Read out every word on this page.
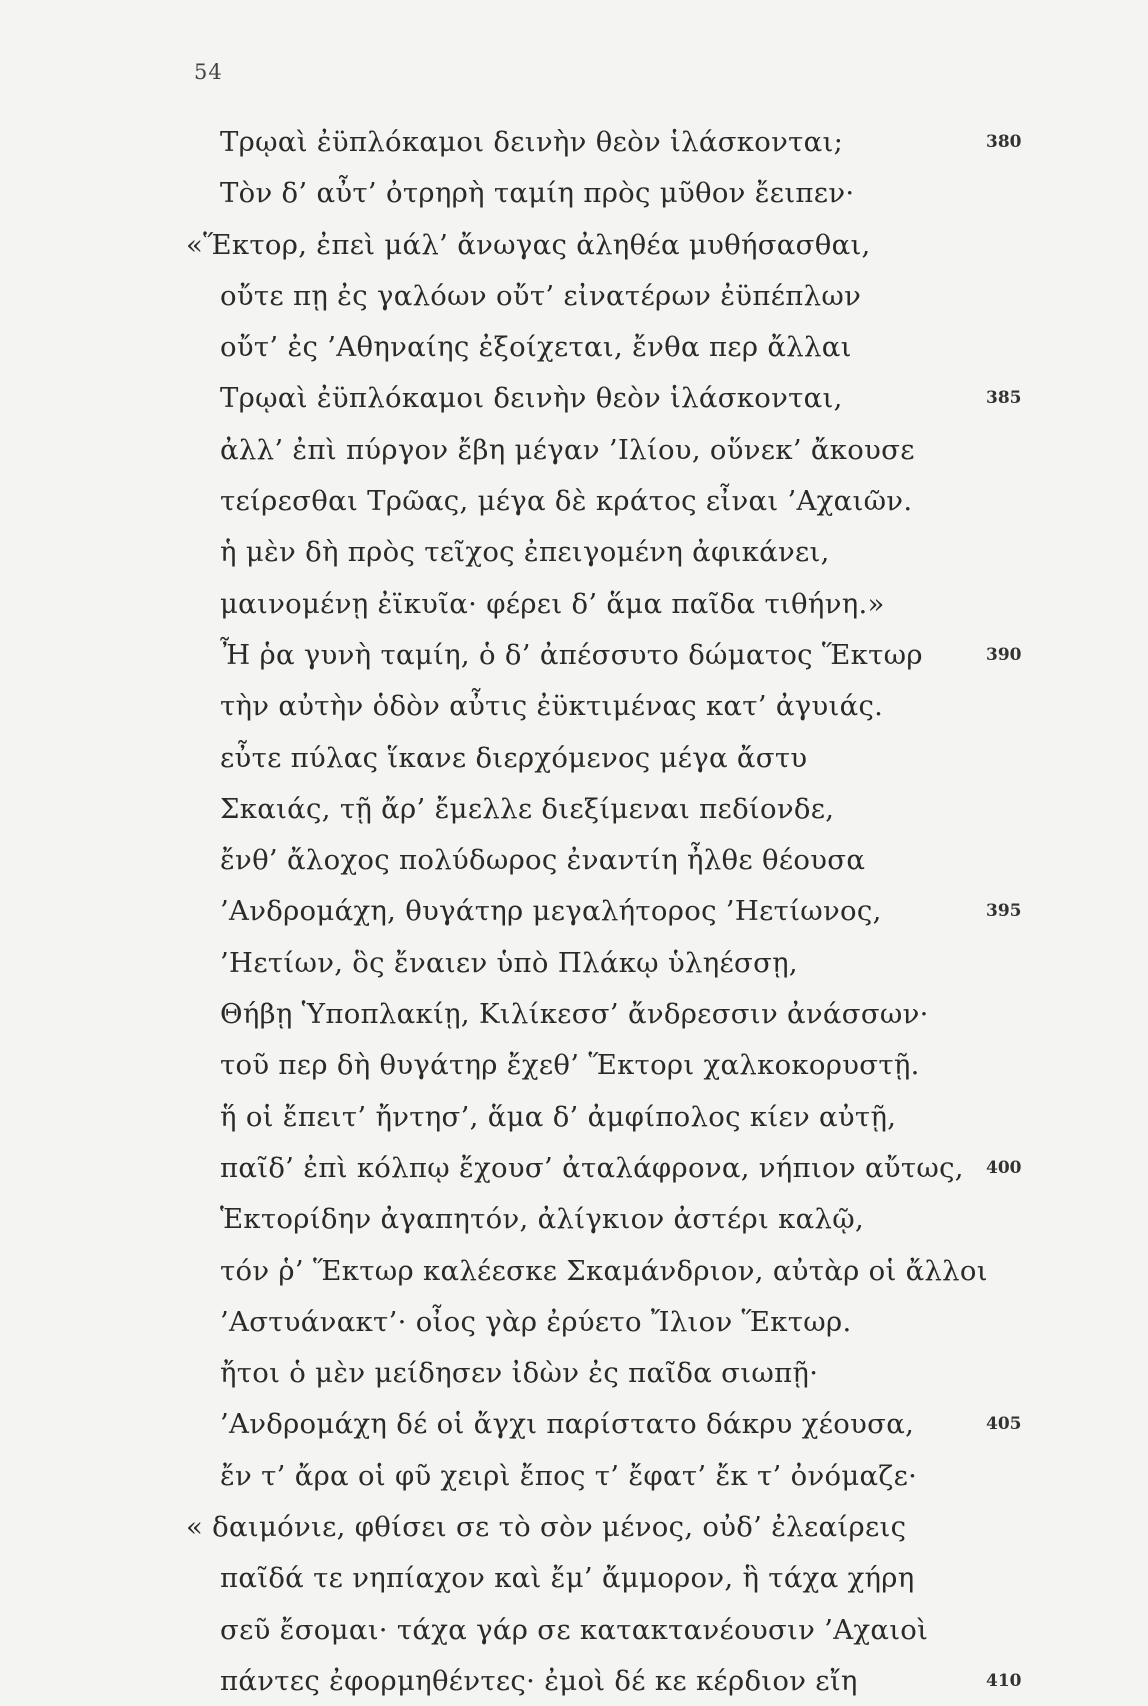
54
Τρῳαὶ ἐϋπλόκαμοι δεινὴν θεὸν ἱλάσκονται;	380
Τὸν δ’ αὖτ’ ὀτρηρὴ ταμίη πρὸς μῦθον ἔειπεν·
«Ἕκτορ, ἐπεὶ μάλ’ ἄνωγας ἀληθέα μυθήσασθαι,
οὔτε πῃ ἐς γαλόων οὔτ’ εἰνατέρων ἐϋπέπλων
οὔτ’ ἐς ’Αθηναίης ἐξοίχεται, ἔνθα περ ἄλλαι
Τρῳαὶ ἐϋπλόκαμοι δεινὴν θεὸν ἱλάσκονται,	385
ἀλλ’ ἐπὶ πύργον ἔβη μέγαν ’Ιλίου, οὕνεκ’ ἄκουσε
τείρεσθαι Τρῶας, μέγα δὲ κράτος εἶναι ’Αχαιῶν.
ἡ μὲν δὴ πρὸς τεῖχος ἐπειγομένη ἀφικάνει,
μαινομένῃ ἐϊκυῖα· φέρει δ’ ἅμα παῖδα τιθήνη.»
Ἦ ῥα γυνὴ ταμίη, ὁ δ’ ἀπέσσυτο δώματος Ἕκτωρ	390
τὴν αὐτὴν ὁδὸν αὖτις ἐϋκτιμένας κατ’ ἀγυιάς.
εὖτε πύλας ἵκανε διερχόμενος μέγα ἄστυ
Σκαιάς, τῇ ἄρ’ ἔμελλε διεξίμεναι πεδίονδε,
ἔνθ’ ἄλοχος πολύδωρος ἐναντίη ἦλθε θέουσα
’Ανδρομάχη, θυγάτηρ μεγαλήτορος ’Ηετίωνος,	395
’Ηετίων, ὃς ἔναιεν ὑπὸ Πλάκῳ ὑληέσσῃ,
Θήβῃ Ὑποπλακίῃ, Κιλίκεσσ’ ἄνδρεσσιν ἀνάσσων·
τοῦ περ δὴ θυγάτηρ ἔχεθ’ Ἕκτορι χαλκοκορυστῇ.
ἥ οἱ ἔπειτ’ ἤντησ’, ἅμα δ’ ἀμφίπολος κίεν αὐτῇ,
παῖδ’ ἐπὶ κόλπῳ ἔχουσ’ ἀταλάφρονα, νήπιον αὔτως, 400
Ἑκτορίδην ἀγαπητόν, ἀλίγκιον ἀστέρι καλῷ,
τόν ῥ’ Ἕκτωρ καλέεσκε Σκαμάνδριον, αὐτὰρ οἱ ἄλλοι
’Αστυάνακτ’· οἶος γὰρ ἐρύετο Ἴλιον Ἕκτωρ.
ἤτοι ὁ μὲν μείδησεν ἰδὼν ἐς παῖδα σιωπῇ·
’Ανδρομάχη δέ οἱ ἄγχι παρίστατο δάκρυ χέουσα,	405
ἔν τ’ ἄρα οἱ φῦ χειρὶ ἔπος τ’ ἔφατ’ ἔκ τ’ ὀνόμαζε·
« δαιμόνιε, φθίσει σε τὸ σὸν μένος, οὐδ’ ἐλεαίρεις
παῖδά τε νηπίαχον καὶ ἔμ’ ἄμμορον, ἣ τάχα χήρη
σεῦ ἔσομαι· τάχα γάρ σε κατακτανέουσιν ’Αχαιοὶ
πάντες ἐφορμηθέντες· ἐμοὶ δέ κε κέρδιον εἴη	410
